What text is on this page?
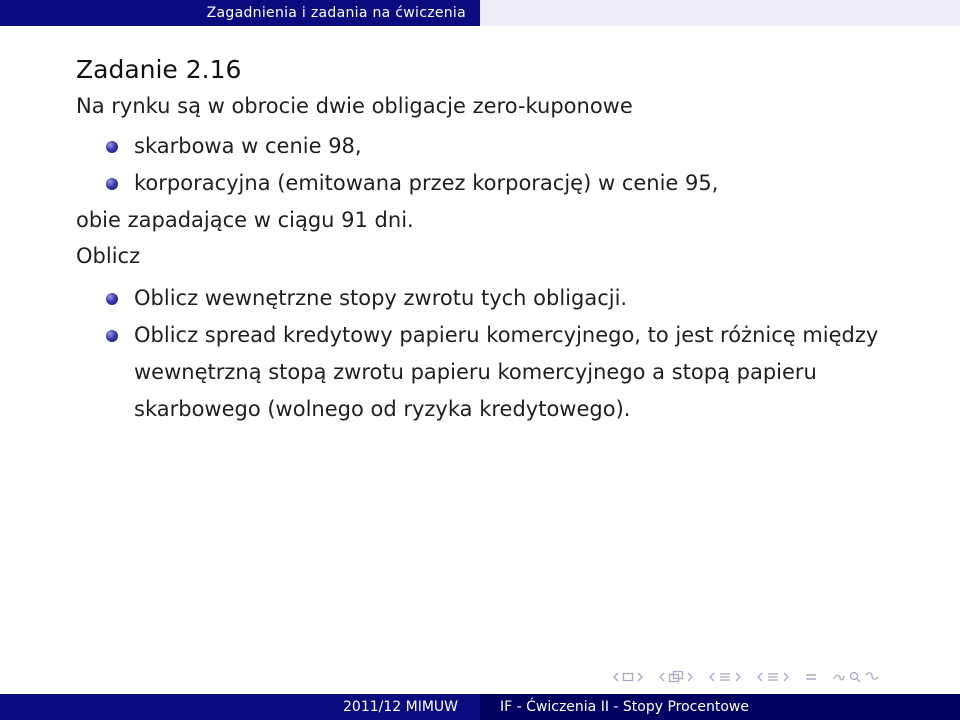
Zagadnienia i zadania na ćwiczenia
Zadanie 2.16
Na rynku są w obrocie dwie obligacje zero-kuponowe
skarbowa w cenie 98,
korporacyjna (emitowana przez korporację) w cenie 95,
obie zapadające w ciągu 91 dni.
Oblicz
Oblicz wewnętrzne stopy zwrotu tych obligacji.
Oblicz spread kredytowy papieru komercyjnego, to jest różnicę między wewnętrzną stopą zwrotu papieru komercyjnego a stopą papieru skarbowego (wolnego od ryzyka kredytowego).
2011/12 MIMUW	IF - Ćwiczenia II - Stopy Procentowe
